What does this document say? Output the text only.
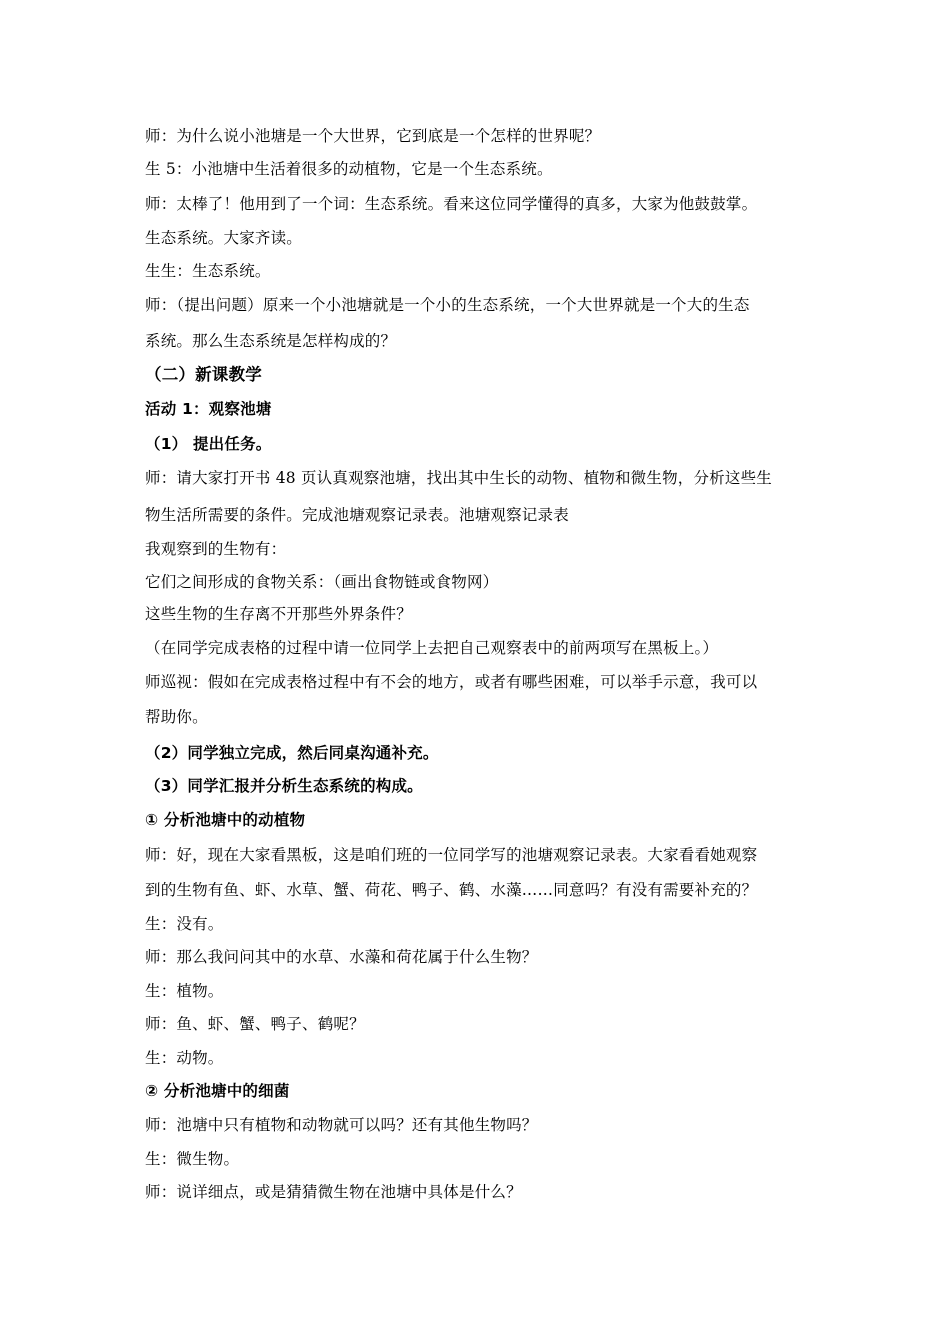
师：为什么说小池塘是一个大世界，它到底是一个怎样的世界呢？
生 5：小池塘中生活着很多的动植物，它是一个生态系统。
师：太棒了！他用到了一个词：生态系统。看来这位同学懂得的真多，大家为他鼓鼓掌。
生态系统。大家齐读。
生生：生态系统。
师：（提出问题）原来一个小池塘就是一个小的生态系统，一个大世界就是一个大的生态
系统。那么生态系统是怎样构成的？
（二）新课教学
活动 1：观察池塘
（1） 提出任务。
师：请大家打开书 48 页认真观察池塘，找出其中生长的动物、植物和微生物，分析这些生
物生活所需要的条件。完成池塘观察记录表。池塘观察记录表
我观察到的生物有：
它们之间形成的食物关系：（画出食物链或食物网）
这些生物的生存离不开那些外界条件？
（在同学完成表格的过程中请一位同学上去把自己观察表中的前两项写在黑板上。）
师巡视：假如在完成表格过程中有不会的地方，或者有哪些困难，可以举手示意，我可以
帮助你。
（2）同学独立完成，然后同桌沟通补充。
（3）同学汇报并分析生态系统的构成。
① 分析池塘中的动植物
师：好，现在大家看黑板，这是咱们班的一位同学写的池塘观察记录表。大家看看她观察
到的生物有鱼、虾、水草、蟹、荷花、鸭子、鹤、水藻……同意吗？有没有需要补充的？
生：没有。
师：那么我问问其中的水草、水藻和荷花属于什么生物？
生：植物。
师：鱼、虾、蟹、鸭子、鹤呢？
生：动物。
② 分析池塘中的细菌
师：池塘中只有植物和动物就可以吗？还有其他生物吗？
生：微生物。
师：说详细点，或是猜猜微生物在池塘中具体是什么？
